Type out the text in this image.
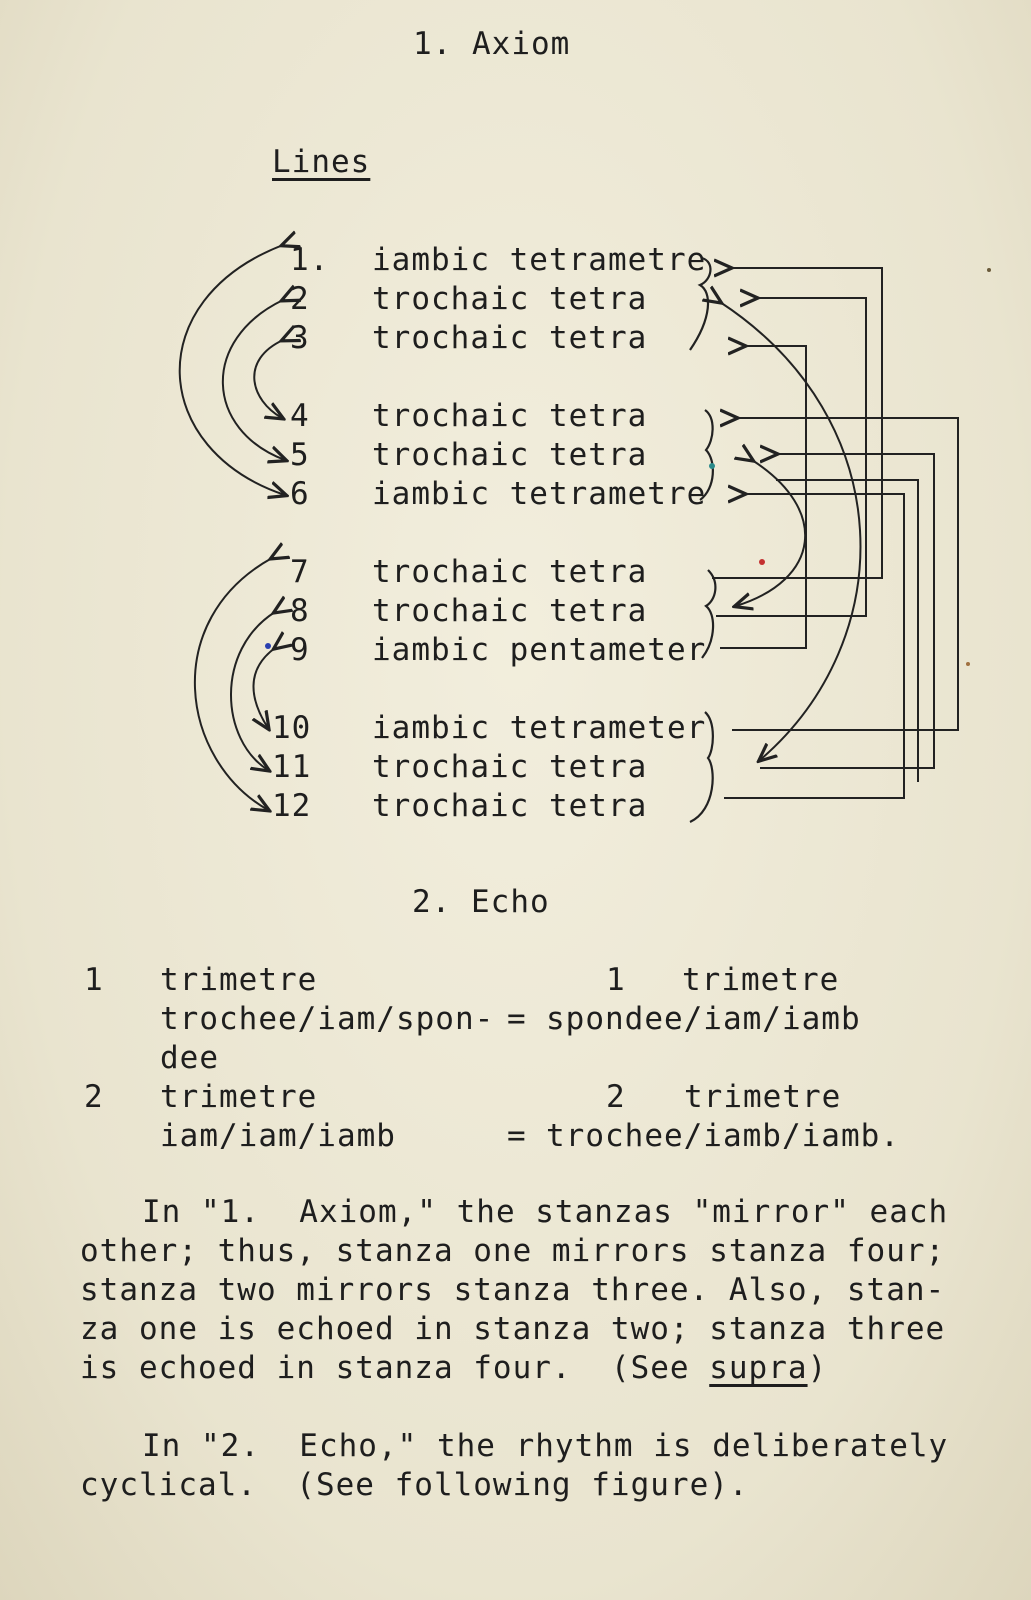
1. Axiom
Lines
1. iambic tetrametre
2 trochaic tetra
3 trochaic tetra
4 trochaic tetra
5 trochaic tetra
6 iambic tetrametre
7 trochaic tetra
8 trochaic tetra
9 iambic pentameter
10 iambic tetrameter
11 trochaic tetra
12 trochaic tetra
2. Echo
1 trimetre
trochee/iam/spon-
dee
=
1 trimetre
spondee/iam/iamb
2 trimetre
iam/iam/iamb	=
2 trimetre
trochee/iamb/iamb.
In "1.  Axiom," the stanzas "mirror" each
other; thus, stanza one mirrors stanza four;
stanza two mirrors stanza three. Also, stan-
za one is echoed in stanza two; stanza three
is echoed in stanza four.  (See supra)
In "2.  Echo," the rhythm is deliberately
cyclical.  (See following figure).
